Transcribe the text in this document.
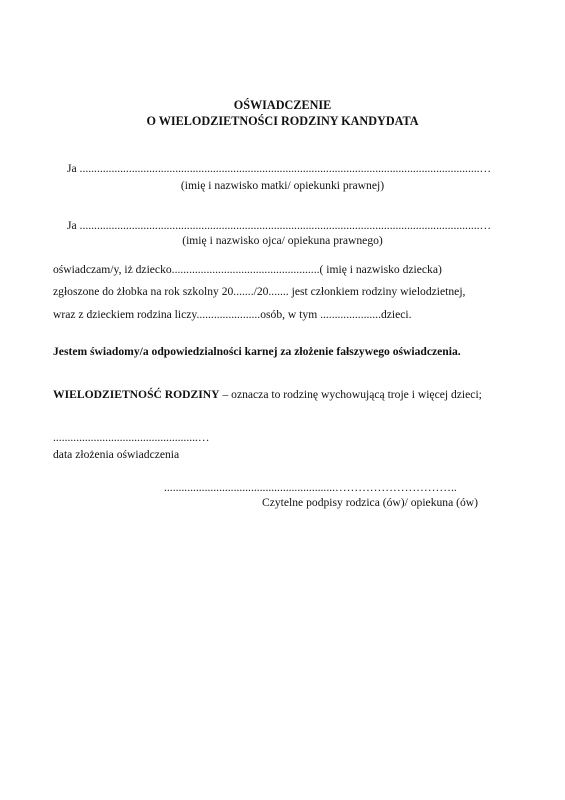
OŚWIADCZENIE
O WIELODZIETNOŚCI RODZINY KANDYDATA
Ja ..........................................................................................................................................…
(imię i nazwisko matki/ opiekunki prawnej)
Ja ..........................................................................................................................................…
(imię i nazwisko ojca/ opiekuna prawnego)
oświadczam/y, iż dziecko...................................................( imię i nazwisko dziecka)
zgłoszone do żłobka na rok szkolny 20......./20....... jest członkiem rodziny wielodzietnej,
wraz z dzieckiem rodzina liczy......................osób, w tym .....................dzieci.
Jestem świadomy/a odpowiedzialności karnej za złożenie fałszywego oświadczenia.
WIELODZIETNOŚĆ RODZINY – oznacza to rodzinę wychowującą troje i więcej dzieci;
..................................................…
data złożenia oświadczenia
...........................................................…………………………..
Czytelne podpisy rodzica (ów)/ opiekuna (ów)
